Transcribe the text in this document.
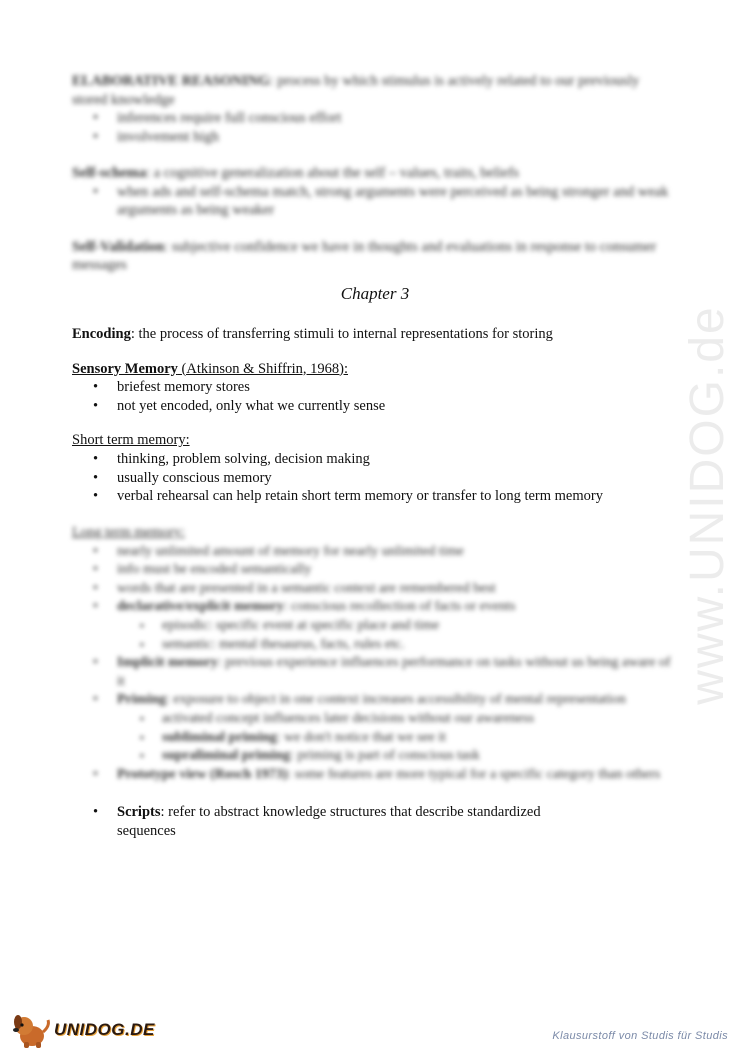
www.UNIDOG.de

ELABORATIVE REASONING: process by which stimulus is actively related to our previously stored knowledge

• inferences require full conscious effort
• involvement high

Self-schema: a cognitive generalization about the self – values, traits, beliefs

• when ads and self-schema match, strong arguments were perceived as being stronger and weak arguments as being weaker

Self-Validation: subjective confidence we have in thoughts and evaluations in response to consumer messages

Chapter 3

Encoding: the process of transferring stimuli to internal representations for storing

Sensory Memory (Atkinson & Shiffrin, 1968):

• briefest memory stores
• not yet encoded, only what we currently sense

Short term memory:

• thinking, problem solving, decision making
• usually conscious memory
• verbal rehearsal can help retain short term memory or transfer to long term memory

Long term memory:

• nearly unlimited amount of memory for nearly unlimited time
• info must be encoded semantically
• words that are presented in a semantic context are remembered best
• declarative/explicit memory: conscious recollection of facts or events
▪ episodic: specific event at specific place and time
▪ semantic: mental thesaurus, facts, rules etc.
• Implicit memory: previous experience influences performance on tasks without us being aware of it
• Priming: exposure to object in one context increases accessibility of mental representation
▪ activated concept influences later decisions without our awareness
▪ subliminal priming: we don't notice that we see it
▪ supraliminal priming: priming is part of conscious task
• Prototype view (Rosch 1973): some features are more typical for a specific category than others
• Scripts: refer to abstract knowledge structures that describe standardized sequences
UNIDOG.DE	Klausurstoff von Studis für Studis
